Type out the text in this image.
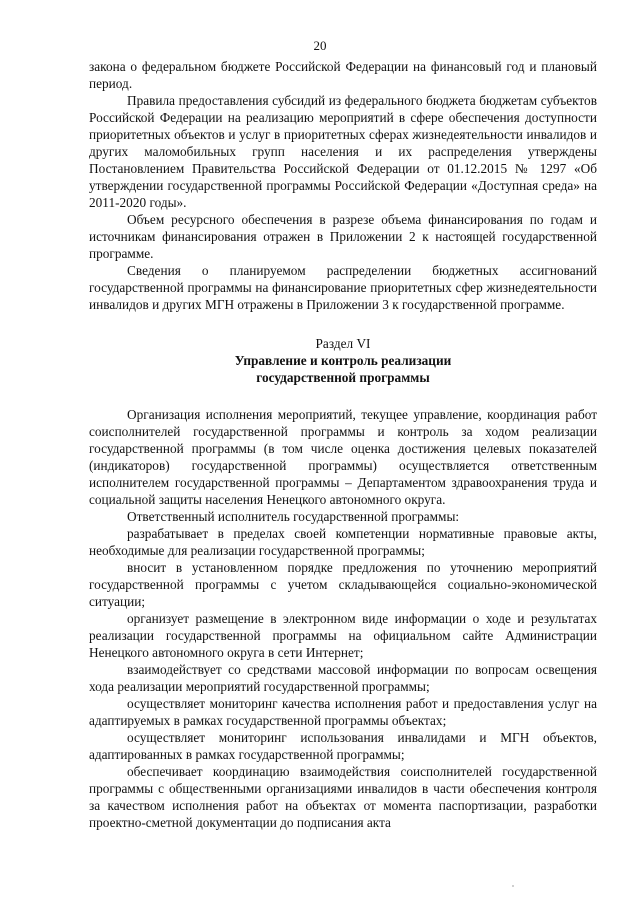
20

закона о федеральном бюджете Российской Федерации на финансовый год и плановый период.

Правила предоставления субсидий из федерального бюджета бюджетам субъектов Российской Федерации на реализацию мероприятий в сфере обеспечения доступности приоритетных объектов и услуг в приоритетных сферах жизнедеятельности инвалидов и других маломобильных групп населения и их распределения утверждены Постановлением Правительства Российской Федерации от 01.12.2015 № 1297 «Об утверждении государственной программы Российской Федерации «Доступная среда» на 2011-2020 годы».

Объем ресурсного обеспечения в разрезе объема финансирования по годам и источникам финансирования отражен в Приложении 2 к настоящей государственной программе.

Сведения о планируемом распределении бюджетных ассигнований государственной программы на финансирование приоритетных сфер жизнедеятельности инвалидов и других МГН отражены в Приложении 3 к государственной программе.

Раздел VI
Управление и контроль реализации
государственной программы

Организация исполнения мероприятий, текущее управление, координация работ соисполнителей государственной программы и контроль за ходом реализации государственной программы (в том числе оценка достижения целевых показателей (индикаторов) государственной программы) осуществляется ответственным исполнителем государственной программы – Департаментом здравоохранения труда и социальной защиты населения Ненецкого автономного округа.

Ответственный исполнитель государственной программы:

разрабатывает в пределах своей компетенции нормативные правовые акты, необходимые для реализации государственной программы;

вносит в установленном порядке предложения по уточнению мероприятий государственной программы с учетом складывающейся социально-экономической ситуации;

организует размещение в электронном виде информации о ходе и результатах реализации государственной программы на официальном сайте Администрации Ненецкого автономного округа в сети Интернет;

взаимодействует со средствами массовой информации по вопросам освещения хода реализации мероприятий государственной программы;

осуществляет мониторинг качества исполнения работ и предоставления услуг на адаптируемых в рамках государственной программы объектах;

осуществляет мониторинг использования инвалидами и МГН объектов, адаптированных в рамках государственной программы;

обеспечивает координацию взаимодействия соисполнителей государственной программы с общественными организациями инвалидов в части обеспечения контроля за качеством исполнения работ на объектах от момента паспортизации, разработки проектно-сметной документации до подписания акта
